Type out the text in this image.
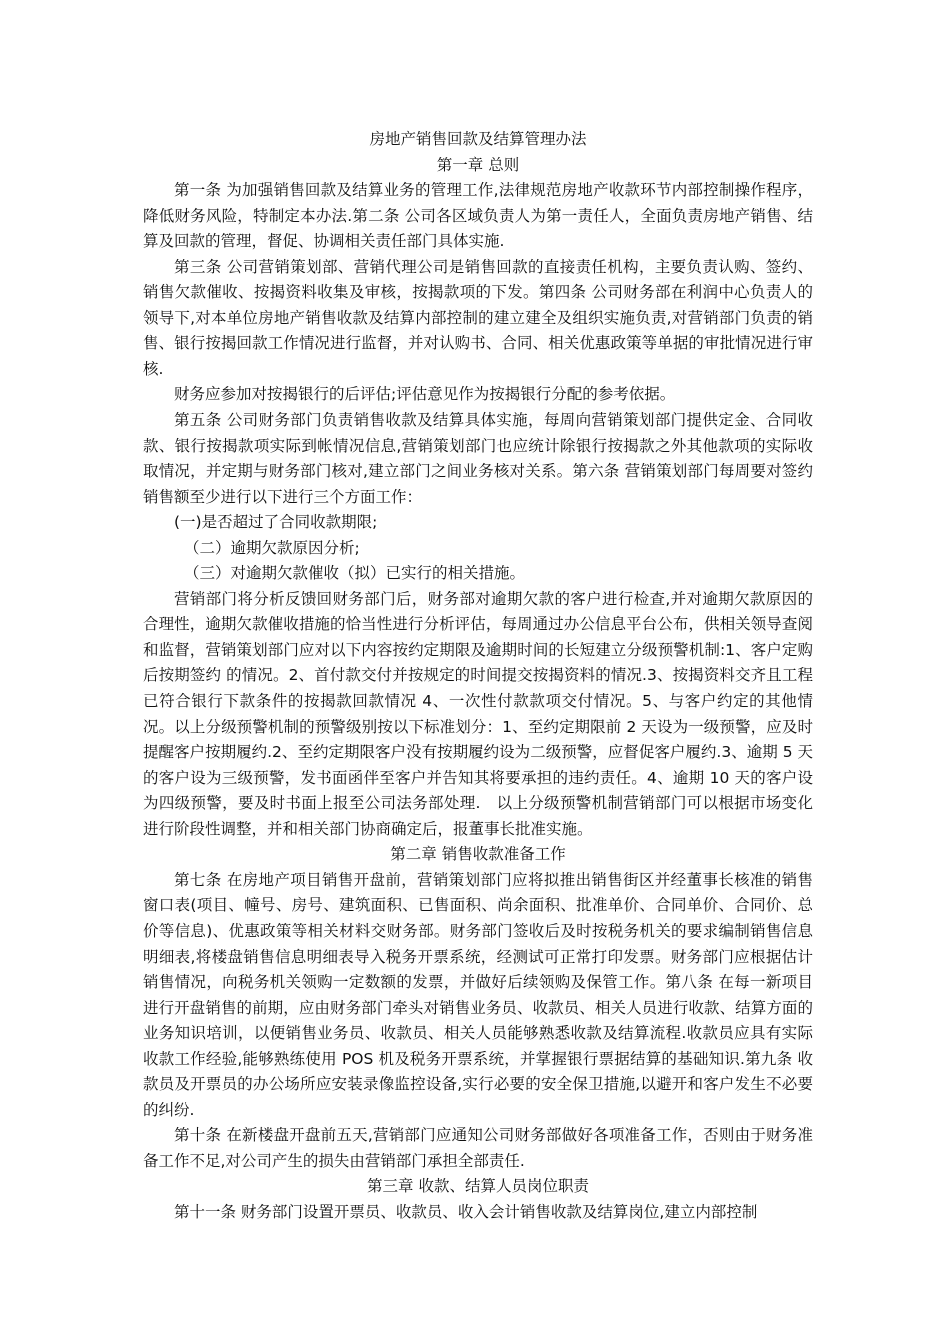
房地产销售回款及结算管理办法
第一章 总则

第一条 为加强销售回款及结算业务的管理工作,法律规范房地产收款环节内部控制操作程序，降低财务风险，特制定本办法.第二条 公司各区域负责人为第一责任人，全面负责房地产销售、结算及回款的管理，督促、协调相关责任部门具体实施.

第三条 公司营销策划部、营销代理公司是销售回款的直接责任机构，主要负责认购、签约、销售欠款催收、按揭资料收集及审核，按揭款项的下发。第四条 公司财务部在利润中心负责人的领导下,对本单位房地产销售收款及结算内部控制的建立建全及组织实施负责,对营销部门负责的销售、银行按揭回款工作情况进行监督，并对认购书、合同、相关优惠政策等单据的审批情况进行审核.

财务应参加对按揭银行的后评估;评估意见作为按揭银行分配的参考依据。

第五条 公司财务部门负责销售收款及结算具体实施，每周向营销策划部门提供定金、合同收款、银行按揭款项实际到帐情况信息,营销策划部门也应统计除银行按揭款之外其他款项的实际收取情况，并定期与财务部门核对,建立部门之间业务核对关系。第六条 营销策划部门每周要对签约销售额至少进行以下进行三个方面工作：

(一)是否超过了合同收款期限;

（二）逾期欠款原因分析;

（三）对逾期欠款催收（拟）已实行的相关措施。

营销部门将分析反馈回财务部门后，财务部对逾期欠款的客户进行检查,并对逾期欠款原因的合理性，逾期欠款催收措施的恰当性进行分析评估，每周通过办公信息平台公布，供相关领导查阅和监督，营销策划部门应对以下内容按约定期限及逾期时间的长短建立分级预警机制:1、客户定购后按期签约 的情况。2、首付款交付并按规定的时间提交按揭资料的情况.3、按揭资料交齐且工程已符合银行下款条件的按揭款回款情况 4、一次性付款款项交付情况。5、与客户约定的其他情况。以上分级预警机制的预警级别按以下标准划分：1、至约定期限前 2 天设为一级预警，应及时提醒客户按期履约.2、至约定期限客户没有按期履约设为二级预警，应督促客户履约.3、逾期 5 天的客户设为三级预警，发书面函伴至客户并告知其将要承担的违约责任。4、逾期 10 天的客户设为四级预警，要及时书面上报至公司法务部处理.　以上分级预警机制营销部门可以根据市场变化进行阶段性调整，并和相关部门协商确定后，报董事长批准实施。

第二章 销售收款准备工作

第七条 在房地产项目销售开盘前，营销策划部门应将拟推出销售街区并经董事长核准的销售窗口表(项目、幢号、房号、建筑面积、已售面积、尚余面积、批准单价、合同单价、合同价、总价等信息)、优惠政策等相关材料交财务部。财务部门签收后及时按税务机关的要求编制销售信息明细表,将楼盘销售信息明细表导入税务开票系统，经测试可正常打印发票。财务部门应根据估计销售情况，向税务机关领购一定数额的发票，并做好后续领购及保管工作。第八条 在每一新项目进行开盘销售的前期，应由财务部门牵头对销售业务员、收款员、相关人员进行收款、结算方面的业务知识培训，以便销售业务员、收款员、相关人员能够熟悉收款及结算流程.收款员应具有实际收款工作经验,能够熟练使用 POS 机及税务开票系统，并掌握银行票据结算的基础知识.第九条 收款员及开票员的办公场所应安装录像监控设备,实行必要的安全保卫措施,以避开和客户发生不必要的纠纷.

第十条 在新楼盘开盘前五天,营销部门应通知公司财务部做好各项准备工作，否则由于财务准备工作不足,对公司产生的损失由营销部门承担全部责任.

第三章 收款、结算人员岗位职责

第十一条 财务部门设置开票员、收款员、收入会计销售收款及结算岗位,建立内部控制
